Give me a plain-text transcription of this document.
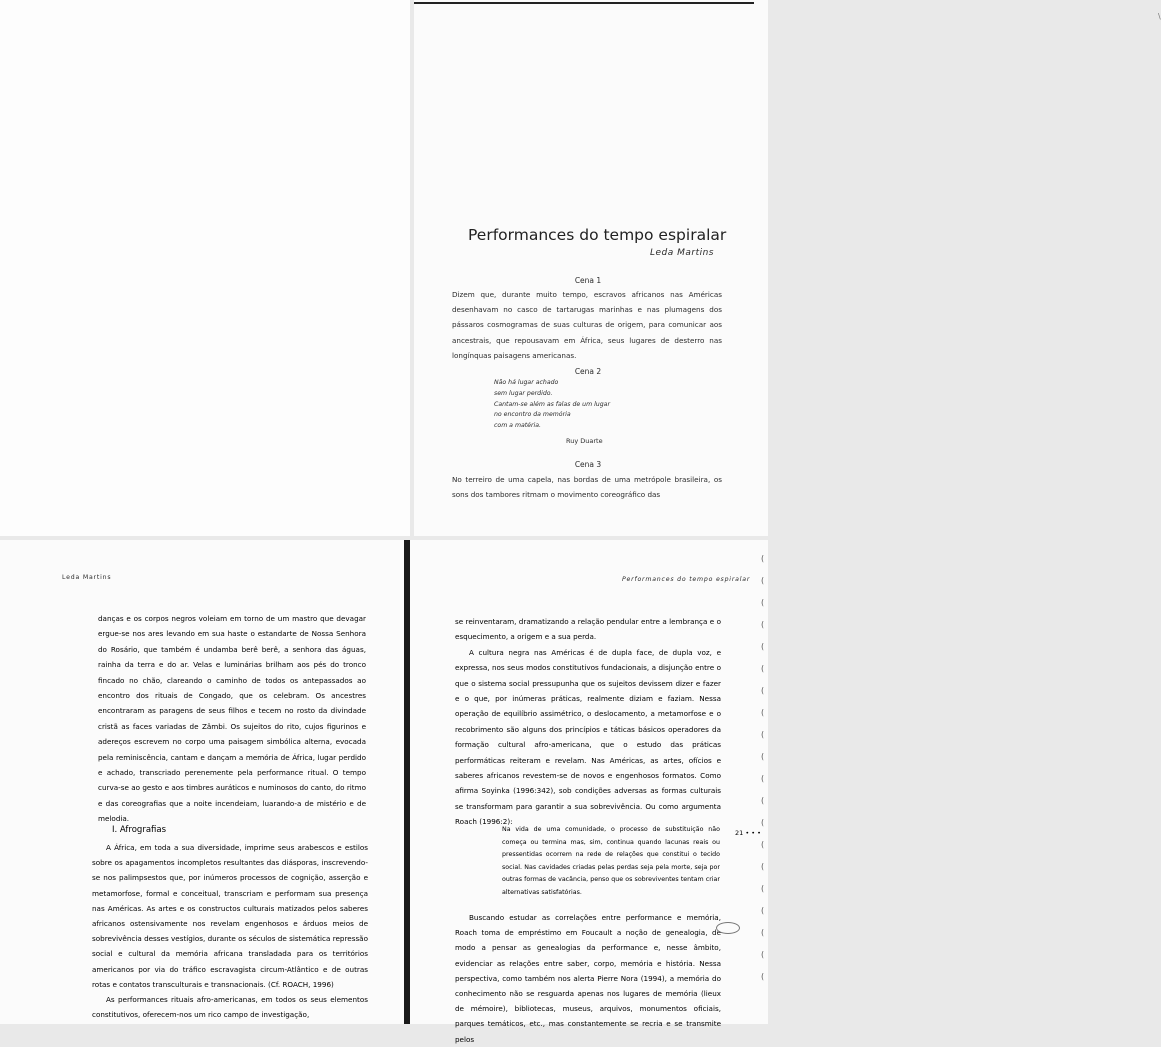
\
Performances do tempo espiralar
Leda Martins
Cena 1
Dizem que, durante muito tempo, escravos africanos nas Américas desenhavam no casco de tartarugas marinhas e nas plumagens dos pássaros cosmogramas de suas culturas de origem, para comunicar aos ancestrais, que repousavam em África, seus lugares de desterro nas longínquas paisagens americanas.
Cena 2
Não há lugar achado
sem lugar perdido.
Cantam-se além as falas de um lugar
no encontro da memória
com a matéria.
Ruy Duarte
Cena 3
No terreiro de uma capela, nas bordas de uma metrópole brasileira, os sons dos tambores ritmam o movimento coreográfico das
Leda Martins
danças e os corpos negros voleiam em torno de um mastro que devagar ergue-se nos ares levando em sua haste o estandarte de Nossa Senhora do Rosário, que também é undamba berê berê, a senhora das águas, rainha da terra e do ar. Velas e luminárias brilham aos pés do tronco fincado no chão, clareando o caminho de todos os antepassados ao encontro dos rituais de Congado, que os celebram. Os ancestres encontraram as paragens de seus filhos e tecem no rosto da divindade cristã as faces variadas de Zâmbi. Os sujeitos do rito, cujos figurinos e adereços escrevem no corpo uma paisagem simbólica alterna, evocada pela reminiscência, cantam e dançam a memória de África, lugar perdido e achado, transcriado perenemente pela performance ritual. O tempo curva-se ao gesto e aos timbres auráticos e numinosos do canto, do ritmo e das coreografias que a noite incendeiam, luarando-a de mistério e de melodia.
I. Afrografias
A África, em toda a sua diversidade, imprime seus arabescos e estilos sobre os apagamentos incompletos resultantes das diásporas, inscrevendo-se nos palimpsestos que, por inúmeros processos de cognição, asserção e metamorfose, formal e conceitual, transcriam e performam sua presença nas Américas. As artes e os constructos culturais matizados pelos saberes africanos ostensivamente nos revelam engenhosos e árduos meios de sobrevivência desses vestígios, durante os séculos de sistemática repressão social e cultural da memória africana transladada para os territórios americanos por via do tráfico escravagista circum-Atlântico e de outras rotas e contatos transculturais e transnacionais. (Cf. ROACH, 1996)
As performances rituais afro-americanas, em todos os seus elementos constitutivos, oferecem-nos um rico campo de investigação,
Performances do tempo espiralar
se reinventaram, dramatizando a relação pendular entre a lembrança e o esquecimento, a origem e a sua perda.
A cultura negra nas Américas é de dupla face, de dupla voz, e expressa, nos seus modos constitutivos fundacionais, a disjunção entre o que o sistema social pressupunha que os sujeitos devissem dizer e fazer e o que, por inúmeras práticas, realmente diziam e faziam. Nessa operação de equilíbrio assimétrico, o deslocamento, a metamorfose e o recobrimento são alguns dos princípios e táticas básicos operadores da formação cultural afro-americana, que o estudo das práticas performáticas reiteram e revelam. Nas Américas, as artes, ofícios e saberes africanos revestem-se de novos e engenhosos formatos. Como afirma Soyinka (1996:342), sob condições adversas as formas culturais se transformam para garantir a sua sobrevivência. Ou como argumenta Roach (1996:2):
Na vida de uma comunidade, o processo de substituição não começa ou termina mas, sim, continua quando lacunas reais ou pressentidas ocorrem na rede de relações que constitui o tecido social. Nas cavidades criadas pelas perdas seja pela morte, seja por outras formas de vacância, penso que os sobreviventes tentam criar alternativas satisfatórias.
21 • • •
Buscando estudar as correlações entre performance e memória, Roach toma de empréstimo em Foucault a noção de genealogia, de modo a pensar as genealogias da performance e, nesse âmbito, evidenciar as relações entre saber, corpo, memória e história. Nessa perspectiva, como também nos alerta Pierre Nora (1994), a memória do conhecimento não se resguarda apenas nos lugares de memória (lieux de mémoire), bibliotecas, museus, arquivos, monumentos oficiais, parques temáticos, etc., mas constantemente se recria e se transmite pelos
(
(
(
(
(
(
(
(
(
(
(
(
(
(
(
(
(
(
(
(
